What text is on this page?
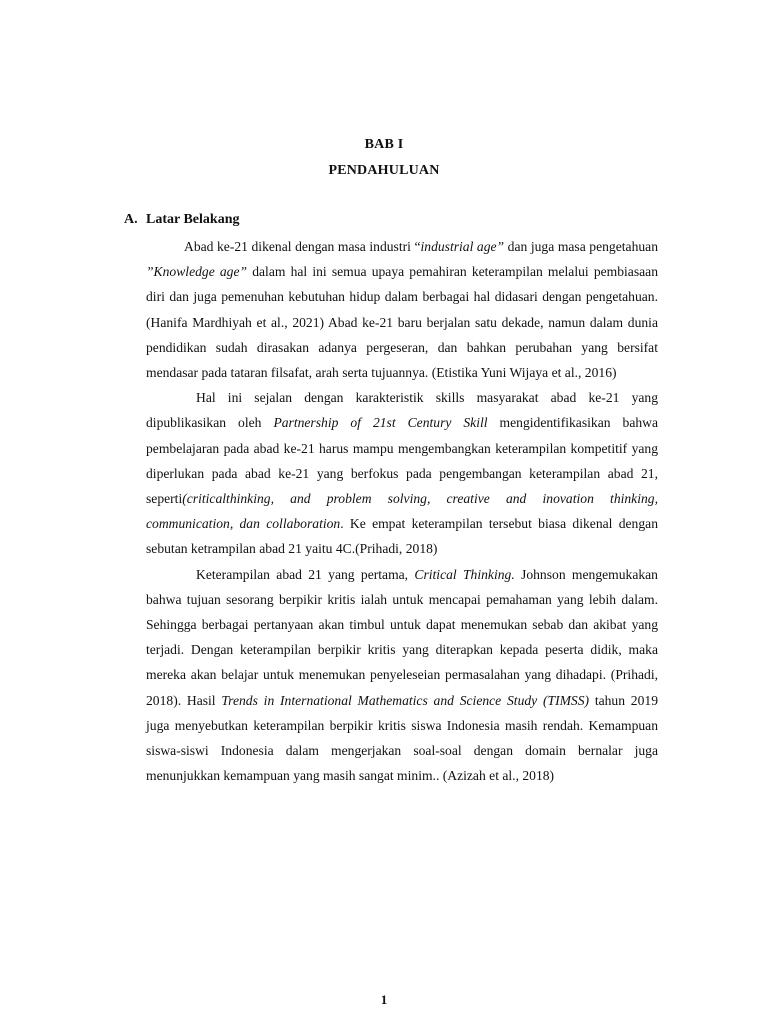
BAB I
PENDAHULUAN
A. Latar Belakang

Abad ke-21 dikenal dengan masa industri “industrial age” dan juga masa pengetahuan ”Knowledge age” dalam hal ini semua upaya pemahiran keterampilan melalui pembiasaan diri dan juga pemenuhan kebutuhan hidup dalam berbagai hal didasari dengan pengetahuan.(Hanifa Mardhiyah et al., 2021) Abad ke-21 baru berjalan satu dekade, namun dalam dunia pendidikan sudah dirasakan adanya pergeseran, dan bahkan perubahan yang bersifat mendasar pada tataran filsafat, arah serta tujuannya. (Etistika Yuni Wijaya et al., 2016)

Hal ini sejalan dengan karakteristik skills masyarakat abad ke-21 yang dipublikasikan oleh Partnership of 21st Century Skill mengidentifikasikan bahwa pembelajaran pada abad ke-21 harus mampu mengembangkan keterampilan kompetitif yang diperlukan pada abad ke-21 yang berfokus pada pengembangan keterampilan abad 21, seperti(criticalthinking, and problem solving, creative and inovation thinking, communication, dan collaboration. Ke empat keterampilan tersebut biasa dikenal dengan sebutan ketrampilan abad 21 yaitu 4C.(Prihadi, 2018)

Keterampilan abad 21 yang pertama, Critical Thinking. Johnson mengemukakan bahwa tujuan sesorang berpikir kritis ialah untuk mencapai pemahaman yang lebih dalam. Sehingga berbagai pertanyaan akan timbul untuk dapat menemukan sebab dan akibat yang terjadi. Dengan keterampilan berpikir kritis yang diterapkan kepada peserta didik, maka mereka akan belajar untuk menemukan penyeleseian permasalahan yang dihadapi. (Prihadi, 2018). Hasil Trends in International Mathematics and Science Study (TIMSS) tahun 2019 juga menyebutkan keterampilan berpikir kritis siswa Indonesia masih rendah. Kemampuan siswa-siswi Indonesia dalam mengerjakan soal-soal dengan domain bernalar juga menunjukkan kemampuan yang masih sangat minim.. (Azizah et al., 2018)

1
